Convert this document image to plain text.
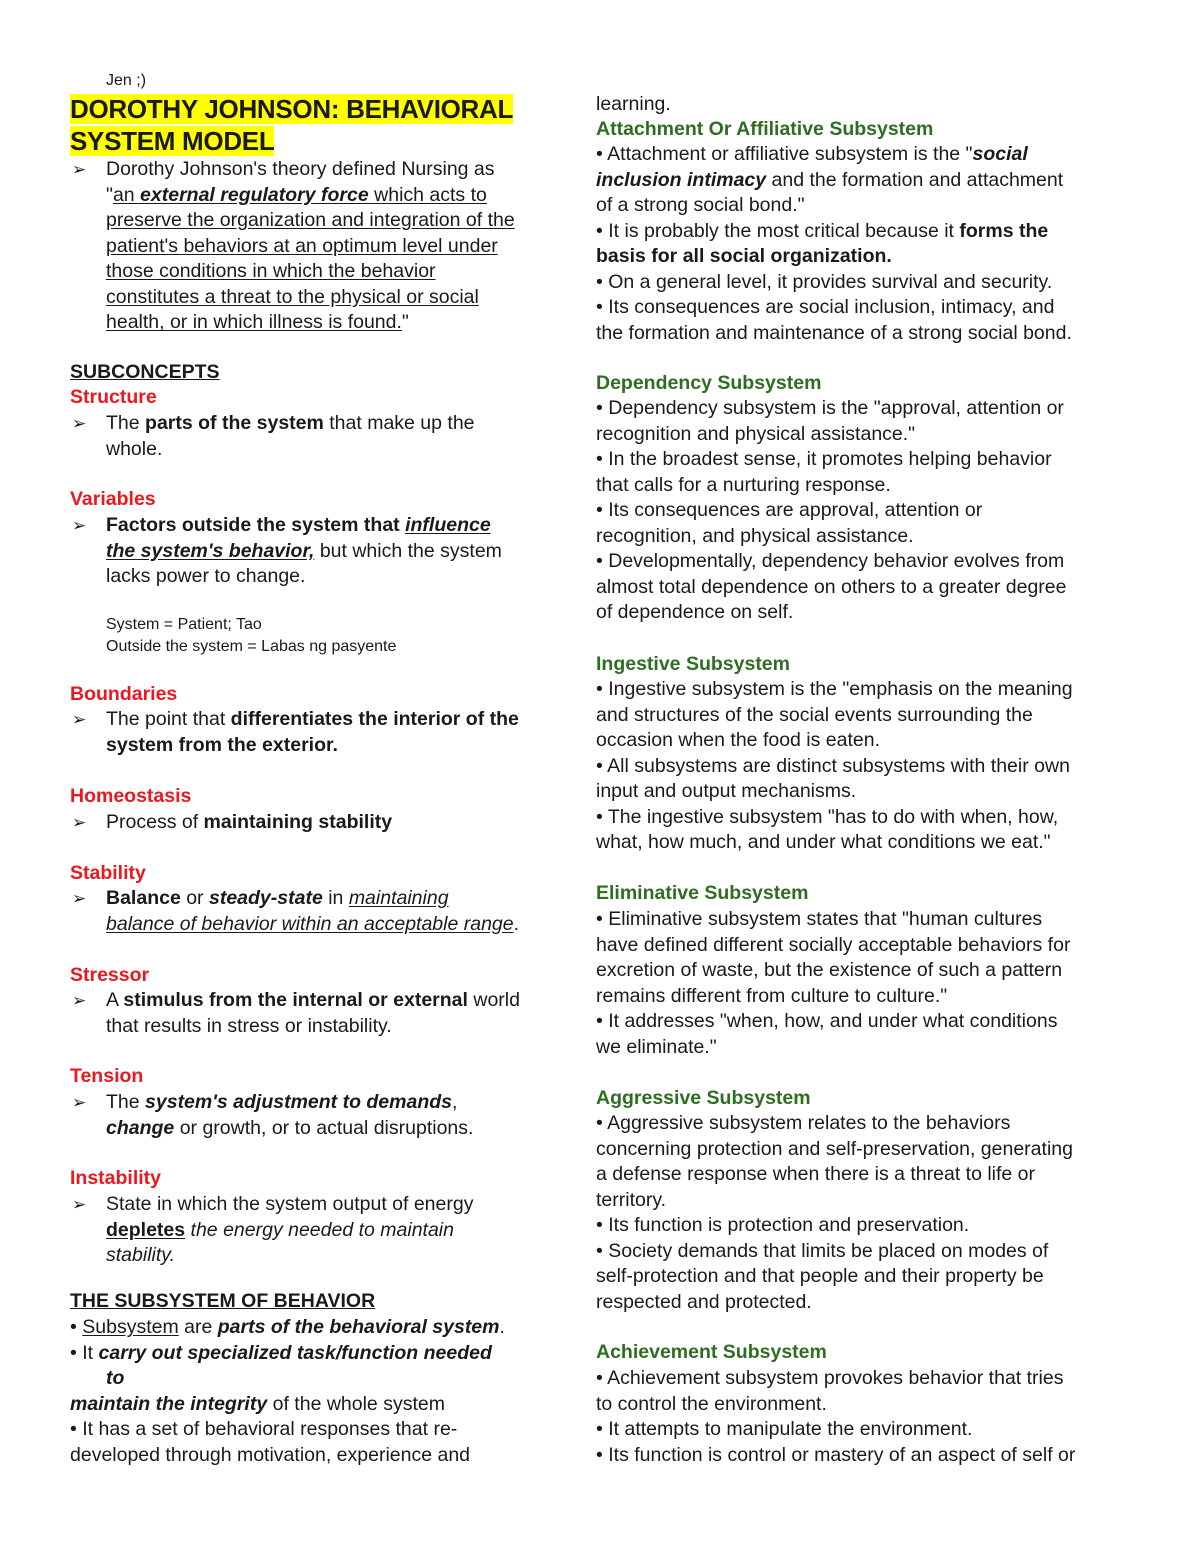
Jen ;)
DOROTHY JOHNSON: BEHAVIORAL
SYSTEM MODEL
➢ Dorothy Johnson's theory defined Nursing as
"an external regulatory force which acts to
preserve the organization and integration of the
patient's behaviors at an optimum level under
those conditions in which the behavior
constitutes a threat to the physical or social
health, or in which illness is found."
SUBCONCEPTS
Structure
➢ The parts of the system that make up the
whole.
Variables
➢ Factors outside the system that influence
the system's behavior, but which the system
lacks power to change.
System = Patient; Tao
Outside the system = Labas ng pasyente
Boundaries
➢ The point that differentiates the interior of the
system from the exterior.
Homeostasis
➢ Process of maintaining stability
Stability
➢ Balance or steady-state in maintaining
balance of behavior within an acceptable range.
Stressor
➢ A stimulus from the internal or external world
that results in stress or instability.
Tension
➢ The system's adjustment to demands,
change or growth, or to actual disruptions.
Instability
➢ State in which the system output of energy
depletes the energy needed to maintain
stability.
THE SUBSYSTEM OF BEHAVIOR
• Subsystem are parts of the behavioral system.
• It carry out specialized task/function needed
to
maintain the integrity of the whole system
• It has a set of behavioral responses that re-
developed through motivation, experience and
learning.
Attachment Or Affiliative Subsystem
• Attachment or affiliative subsystem is the "social
inclusion intimacy and the formation and attachment
of a strong social bond."
• It is probably the most critical because it forms the
basis for all social organization.
• On a general level, it provides survival and security.
• Its consequences are social inclusion, intimacy, and
the formation and maintenance of a strong social bond.
Dependency Subsystem
• Dependency subsystem is the "approval, attention or
recognition and physical assistance."
• In the broadest sense, it promotes helping behavior
that calls for a nurturing response.
• Its consequences are approval, attention or
recognition, and physical assistance.
• Developmentally, dependency behavior evolves from
almost total dependence on others to a greater degree
of dependence on self.
Ingestive Subsystem
• Ingestive subsystem is the "emphasis on the meaning
and structures of the social events surrounding the
occasion when the food is eaten.
• All subsystems are distinct subsystems with their own
input and output mechanisms.
• The ingestive subsystem "has to do with when, how,
what, how much, and under what conditions we eat."
Eliminative Subsystem
• Eliminative subsystem states that "human cultures
have defined different socially acceptable behaviors for
excretion of waste, but the existence of such a pattern
remains different from culture to culture."
• It addresses "when, how, and under what conditions
we eliminate."
Aggressive Subsystem
• Aggressive subsystem relates to the behaviors
concerning protection and self-preservation, generating
a defense response when there is a threat to life or
territory.
• Its function is protection and preservation.
• Society demands that limits be placed on modes of
self-protection and that people and their property be
respected and protected.
Achievement Subsystem
• Achievement subsystem provokes behavior that tries
to control the environment.
• It attempts to manipulate the environment.
• Its function is control or mastery of an aspect of self or
